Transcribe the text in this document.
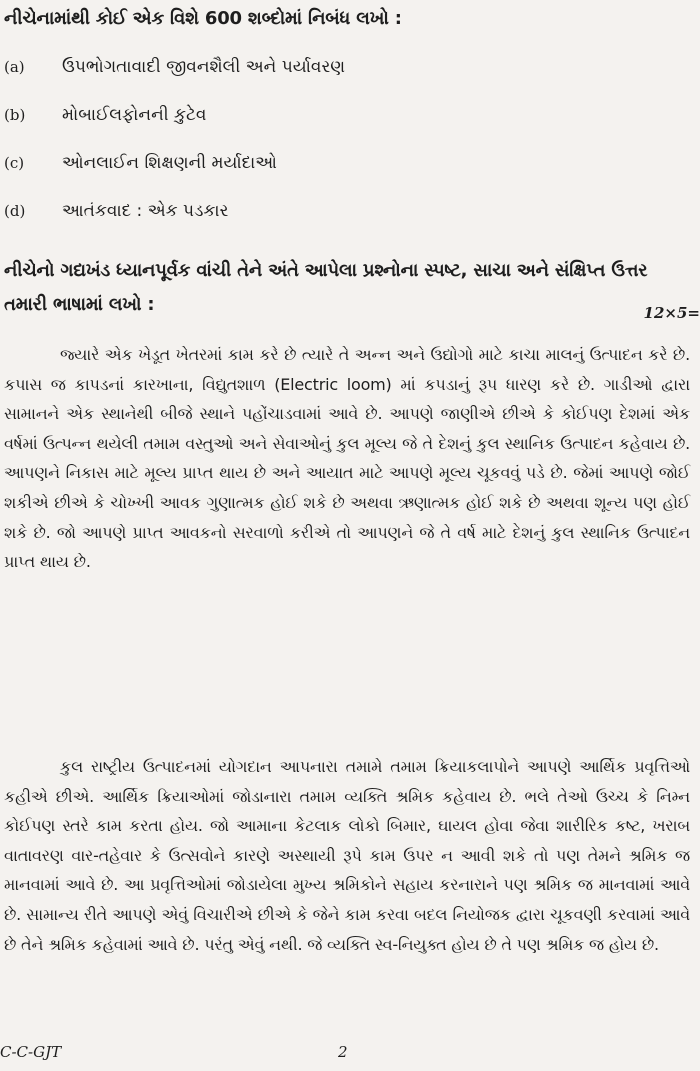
નીચેનામાંથી કોઈ એક વિશે 600 શબ્દોમાં નિબંધ લખો :
(a)	ઉપભોગતાવાદી જીવનશૈલી અને પર્યાવરણ
(b)	મોબાઈલફોનની કુટેવ
(c)	ઓનલાઈન શિક્ષણની મર્યાદાઓ
(d)	આતંકવાદ : એક પડકાર
નીચેનો ગદ્યખંડ ધ્યાનપૂર્વક વાંચી તેને અંતે આપેલા પ્રશ્નોના સ્પષ્ટ, સાચા અને સંક્ષિપ્ત ઉત્તર તમારી ભાષામાં લખો :	12×5=

જ્યારે એક ખેડૂત ખેતરમાં કામ કરે છે ત્યારે તે અન્ન અને ઉદ્યોગો માટે કાચા માલનું ઉત્પાદન કરે છે. કપાસ જ કાપડનાં કારખાના, વિદ્યુતશાળ (Electric loom) માં કપડાનું રૂપ ધારણ કરે છે. ગાડીઓ દ્વારા સામાનને એક સ્થાનેથી બીજે સ્થાને પહોંચાડવામાં આવે છે. આપણે જાણીએ છીએ કે કોઈપણ દેશમાં એક વર્ષમાં ઉત્પન્ન થયેલી તમામ વસ્તુઓ અને સેવાઓનું કુલ મૂલ્ય જે તે દેશનું કુલ સ્થાનિક ઉત્પાદન કહેવાય છે. આપણને નિકાસ માટે મૂલ્ય પ્રાપ્ત થાય છે અને આયાત માટે આપણે મૂલ્ય ચૂકવવું પડે છે. જેમાં આપણે જોઈ શકીએ છીએ કે ચોખ્ખી આવક ગુણાત્મક હોઈ શકે છે અથવા ઋણાત્મક હોઈ શકે છે અથવા શૂન્ય પણ હોઈ શકે છે. જો આપણે પ્રાપ્ત આવકનો સરવાળો કરીએ તો આપણને જે તે વર્ષ માટે દેશનું કુલ સ્થાનિક ઉત્પાદન પ્રાપ્ત થાય છે.

કુલ રાષ્ટ્રીય ઉત્પાદનમાં યોગદાન આપનારા તમામે તમામ ક્રિયાકલાપોને આપણે આર્થિક પ્રવૃત્તિઓ કહીએ છીએ. આર્થિક ક્રિયાઓમાં જોડાનારા તમામ વ્યક્તિ શ્રમિક કહેવાય છે. ભલે તેઓ ઉચ્ચ કે નિમ્ન કોઈપણ સ્તરે કામ કરતા હોય. જો આમાના કેટલાક લોકો બિમાર, ઘાયલ હોવા જેવા શારીરિક કષ્ટ, ખરાબ વાતાવરણ વાર-તહેવાર કે ઉત્સવોને કારણે અસ્થાયી રૂપે કામ ઉપર ન આવી શકે તો પણ તેમને શ્રમિક જ માનવામાં આવે છે. આ પ્રવૃત્તિઓમાં જોડાયેલા મુખ્ય શ્રમિકોને સહાય કરનારાને પણ શ્રમિક જ માનવામાં આવે છે. સામાન્ય રીતે આપણે એવું વિચારીએ છીએ કે જેને કામ કરવા બદલ નિયોજક દ્વારા ચૂકવણી કરવામાં આવે છે તેને શ્રમિક કહેવામાં આવે છે. પરંતુ એવું નથી. જે વ્યક્તિ સ્વ-નિયુક્ત હોય છે તે પણ શ્રમિક જ હોય છે.

C-C-GJT	2
